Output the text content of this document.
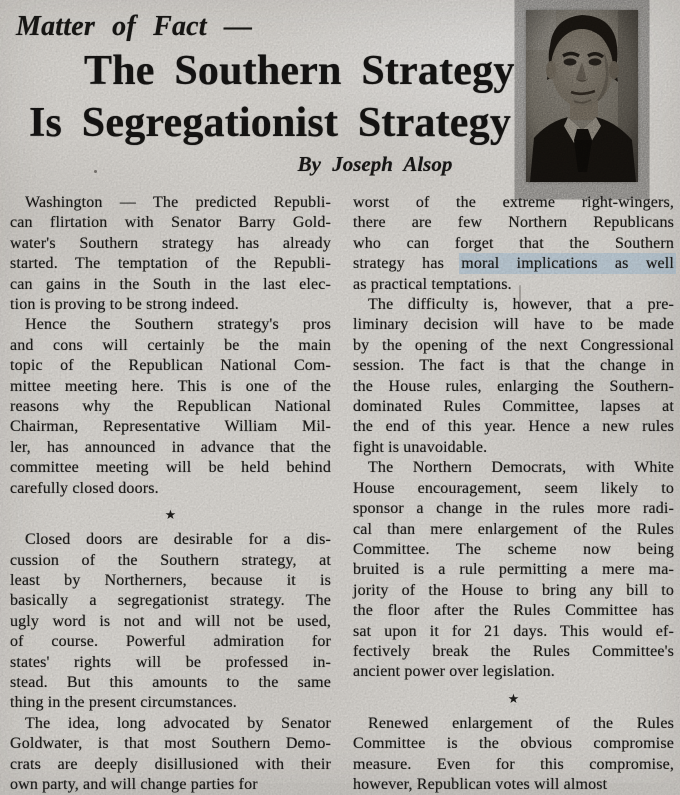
Matter of Fact —
The Southern Strategy
Is Segregationist Strategy
By Joseph Alsop
Washington — The predicted Republi-
can flirtation with Senator Barry Gold-
water's Southern strategy has already
started. The temptation of the Republi-
can gains in the South in the last elec-
tion is proving to be strong indeed.
Hence the Southern strategy's pros
and cons will certainly be the main
topic of the Republican National Com-
mittee meeting here. This is one of the
reasons why the Republican National
Chairman, Representative William Mil-
ler, has announced in advance that the
committee meeting will be held behind
carefully closed doors.
★
Closed doors are desirable for a dis-
cussion of the Southern strategy, at
least by Northerners, because it is
basically a segregationist strategy. The
ugly word is not and will not be used,
of course. Powerful admiration for
states' rights will be professed in-
stead. But this amounts to the same
thing in the present circumstances.
The idea, long advocated by Senator
Goldwater, is that most Southern Demo-
crats are deeply disillusioned with their
own party, and will change parties for
worst of the extreme right-wingers,
there are few Northern Republicans
who can forget that the Southern
strategy has moral implications as well
as practical temptations.
The difficulty is, however, that a pre-
liminary decision will have to be made
by the opening of the next Congressional
session. The fact is that the change in
the House rules, enlarging the Southern-
dominated Rules Committee, lapses at
the end of this year. Hence a new rules
fight is unavoidable.
The Northern Democrats, with White
House encouragement, seem likely to
sponsor a change in the rules more radi-
cal than mere enlargement of the Rules
Committee. The scheme now being
bruited is a rule permitting a mere ma-
jority of the House to bring any bill to
the floor after the Rules Committee has
sat upon it for 21 days. This would ef-
fectively break the Rules Committee's
ancient power over legislation.
★
Renewed enlargement of the Rules
Committee is the obvious compromise
measure. Even for this compromise,
however, Republican votes will almost
